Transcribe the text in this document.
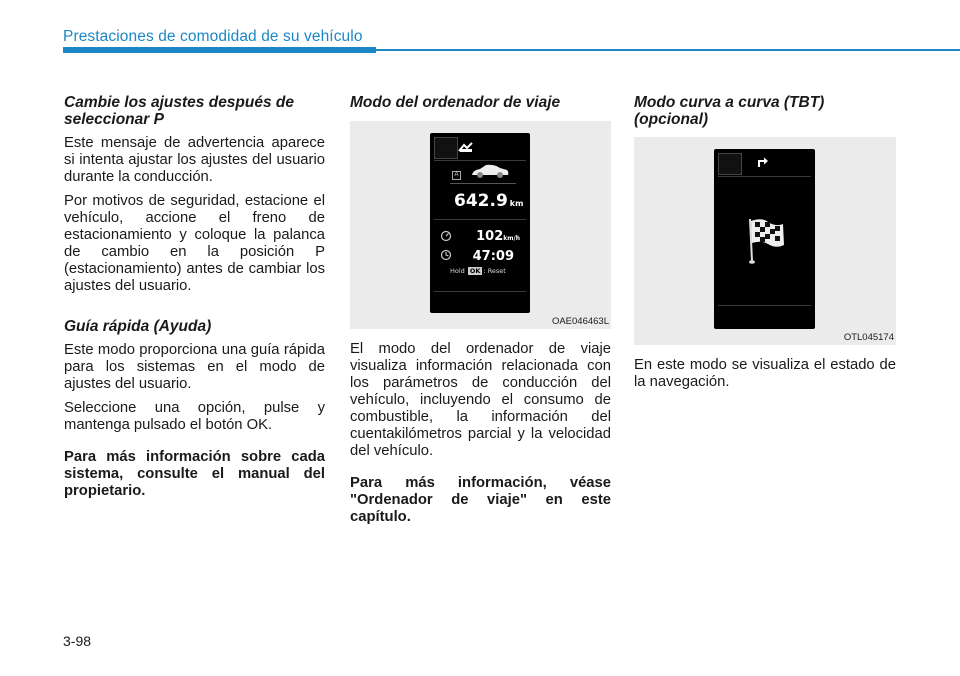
Prestaciones de comodidad de su vehículo
Cambie los ajustes después de seleccionar P

Este mensaje de advertencia aparece si intenta ajustar los ajustes del usuario durante la conducción.

Por motivos de seguridad, estacione el vehículo, accione el freno de estacionamiento y coloque la palanca de cambio en la posición P (estacionamiento) antes de cambiar los ajustes del usuario.

Guía rápida (Ayuda)

Este modo proporciona una guía rápida para los sistemas en el modo de ajustes del usuario.

Seleccione una opción, pulse y mantenga pulsado el botón OK.

Para más información sobre cada sistema, consulte el manual del propietario.

Modo del ordenador de viaje
A
642.9 km
102km/h
47:09
Hold OK : Reset
OAE046463L

El modo del ordenador de viaje visualiza información relacionada con los parámetros de conducción del vehículo, incluyendo el consumo de combustible, la información del cuentakilómetros parcial y la velocidad del vehículo.

Para más información, véase "Ordenador de viaje" en este capítulo.

Modo curva a curva (TBT) (opcional)
OTL045174

En este modo se visualiza el estado de la navegación.

3-98
